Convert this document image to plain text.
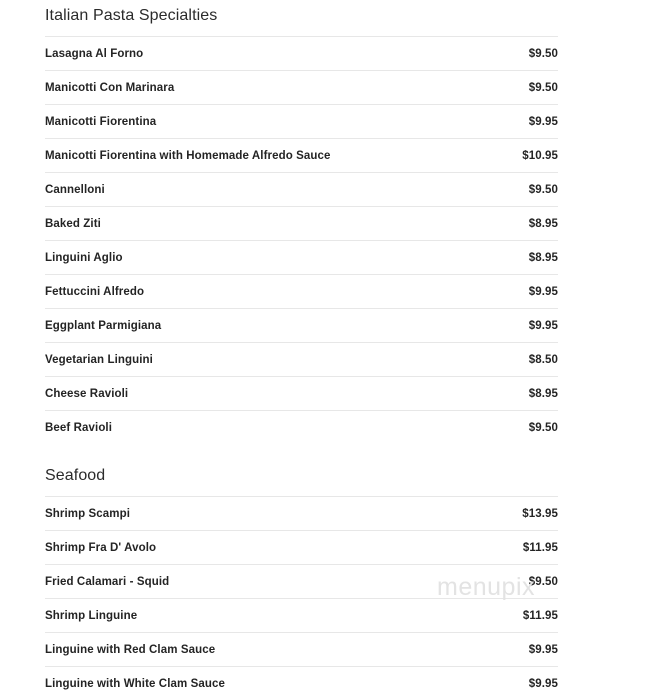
Italian Pasta Specialties
Lasagna Al Forno	$9.50
Manicotti Con Marinara	$9.50
Manicotti Fiorentina	$9.95
Manicotti Fiorentina with Homemade Alfredo Sauce	$10.95
Cannelloni	$9.50
Baked Ziti	$8.95
Linguini Aglio	$8.95
Fettuccini Alfredo	$9.95
Eggplant Parmigiana	$9.95
Vegetarian Linguini	$8.50
Cheese Ravioli	$8.95
Beef Ravioli	$9.50
Seafood
Shrimp Scampi	$13.95
Shrimp Fra D' Avolo	$11.95
Fried Calamari - Squid	$9.50
Shrimp Linguine	$11.95
Linguine with Red Clam Sauce	$9.95
Linguine with White Clam Sauce	$9.95
menupix
